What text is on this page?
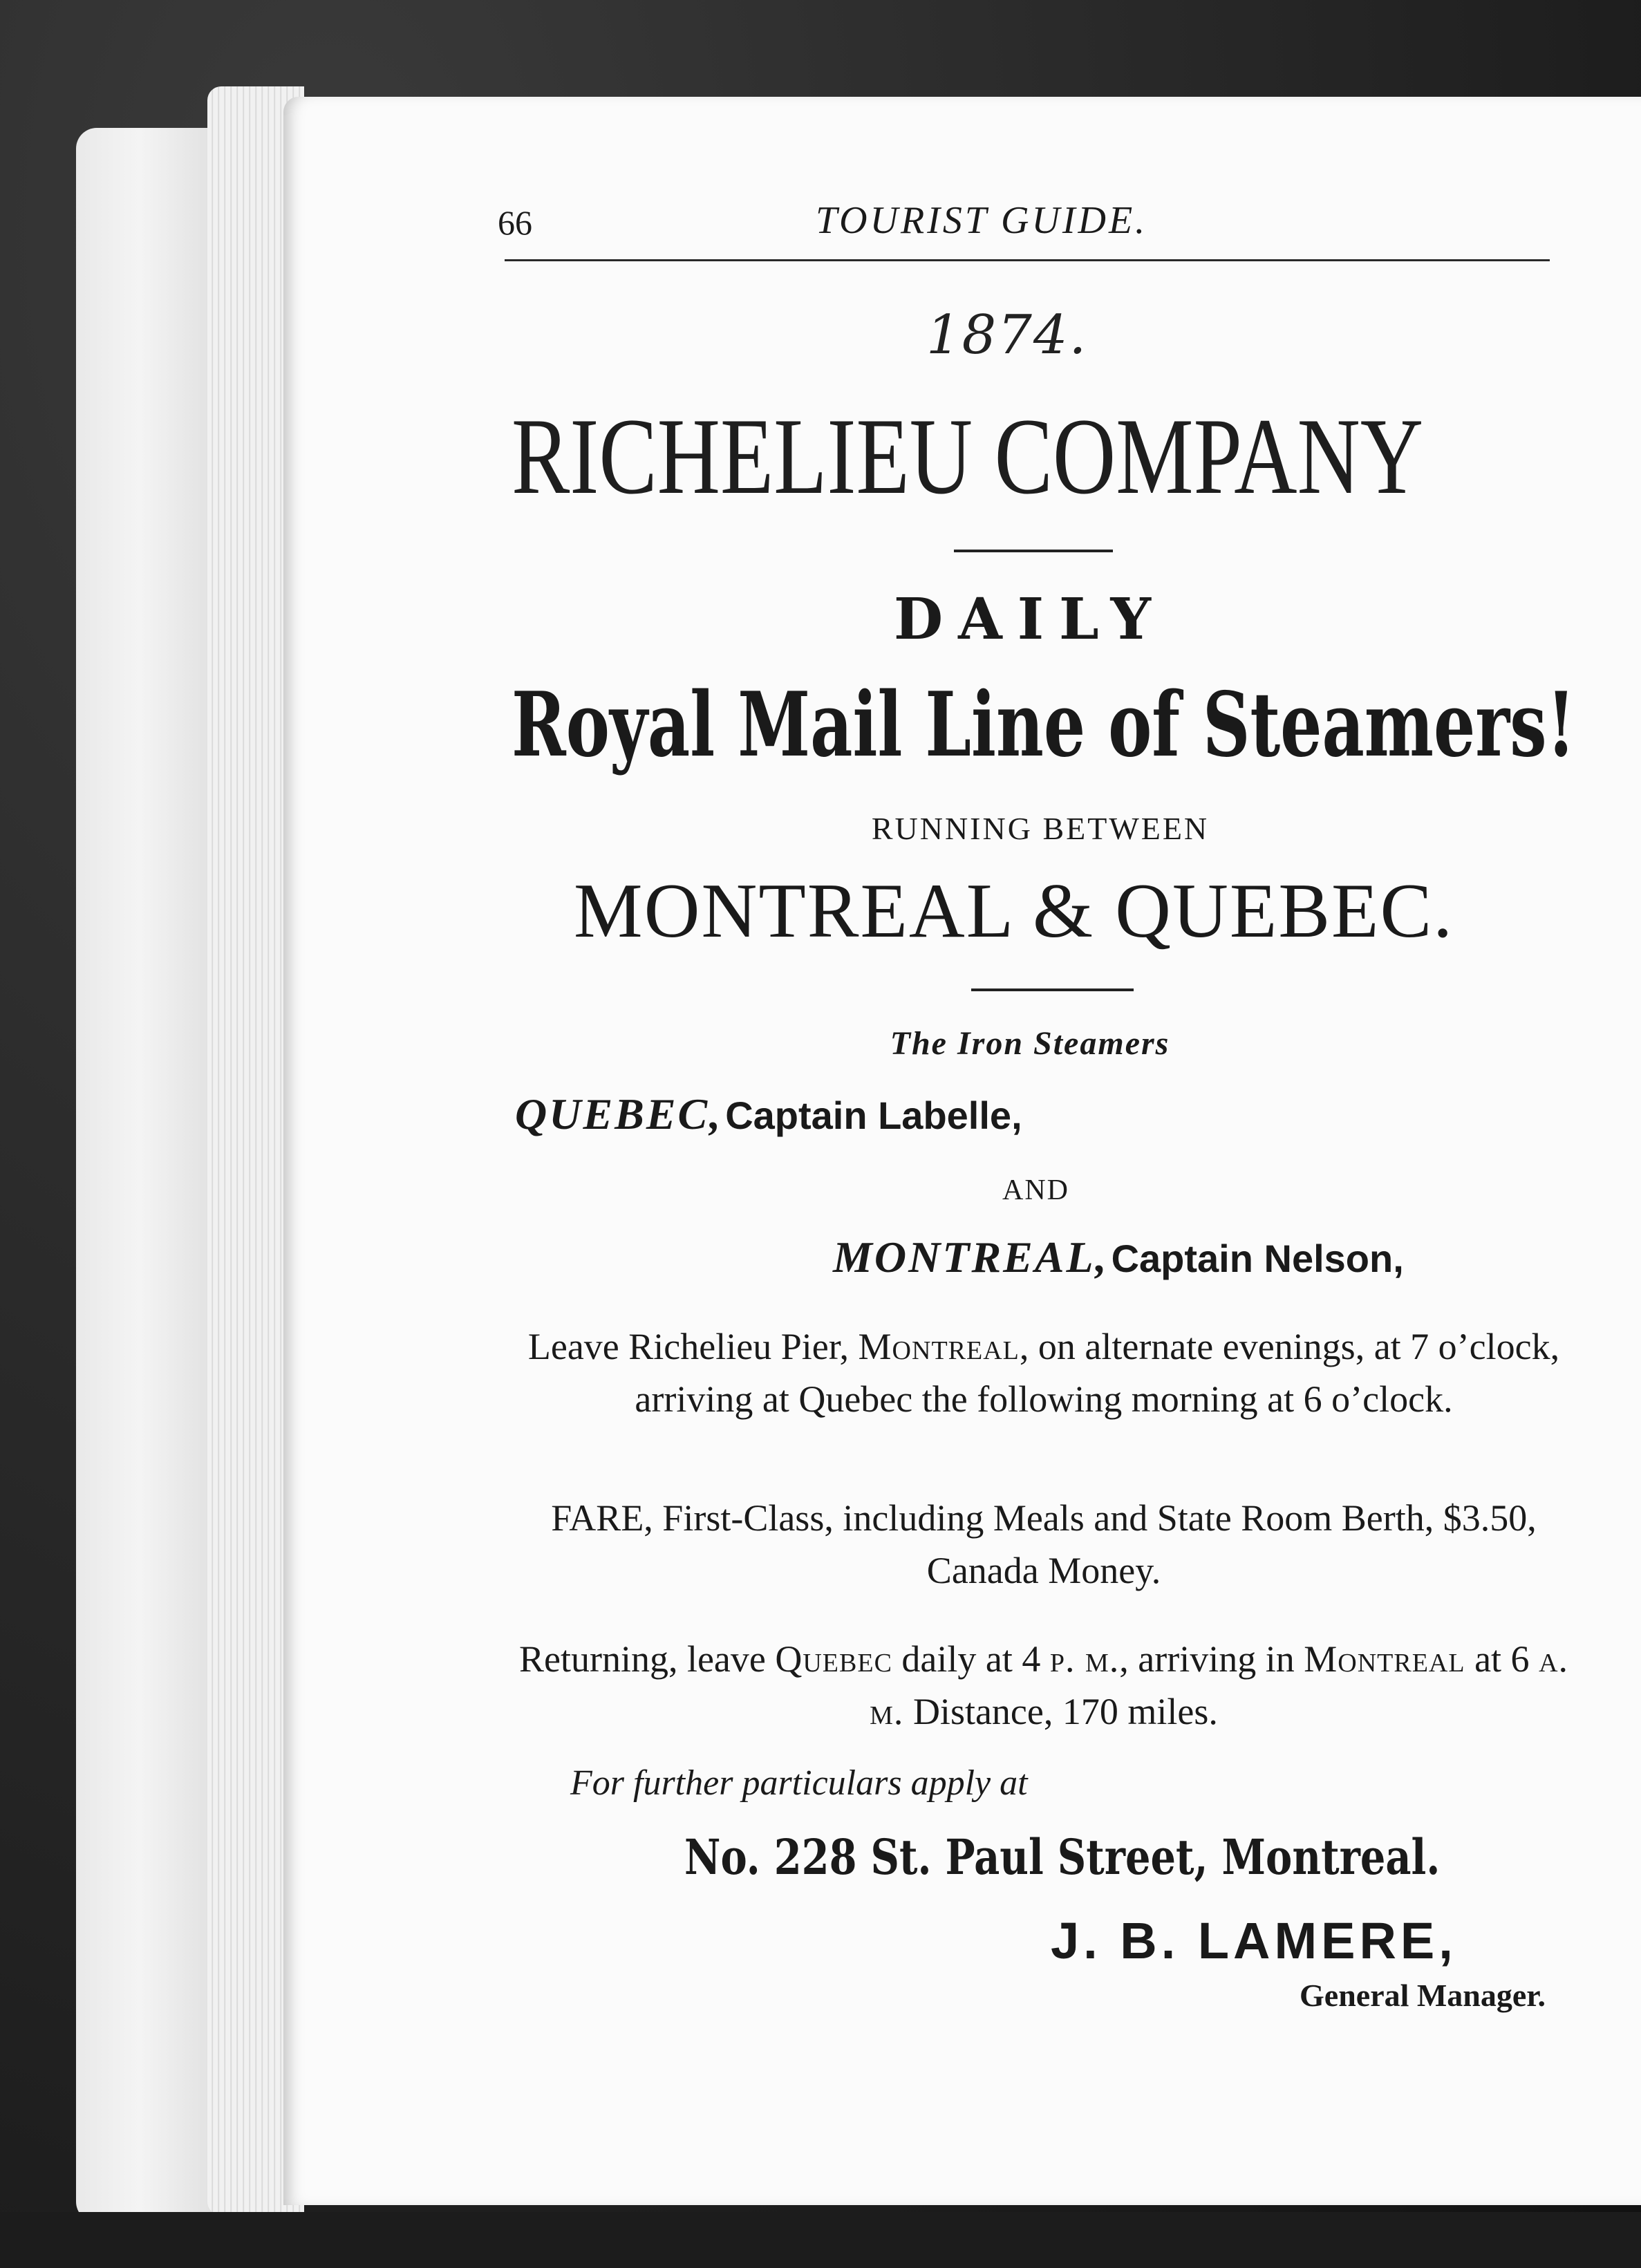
66	TOURIST GUIDE.
1874.
RICHELIEU COMPANY
DAILY
Royal Mail Line of Steamers!
RUNNING BETWEEN
MONTREAL & QUEBEC.
The Iron Steamers
QUEBEC, Captain Labelle,
AND
MONTREAL, Captain Nelson,
Leave Richelieu Pier, Montreal, on alternate evenings, at 7 o’clock, arriving at Quebec the following morning at 6 o’clock.
FARE, First-Class, including Meals and State Room Berth, $3.50, Canada Money.
Returning, leave Quebec daily at 4 p. m., arriving in Montreal at 6 a. m. Distance, 170 miles.
For further particulars apply at
No. 228 St. Paul Street, Montreal.
J. B. LAMERE,
General Manager.
